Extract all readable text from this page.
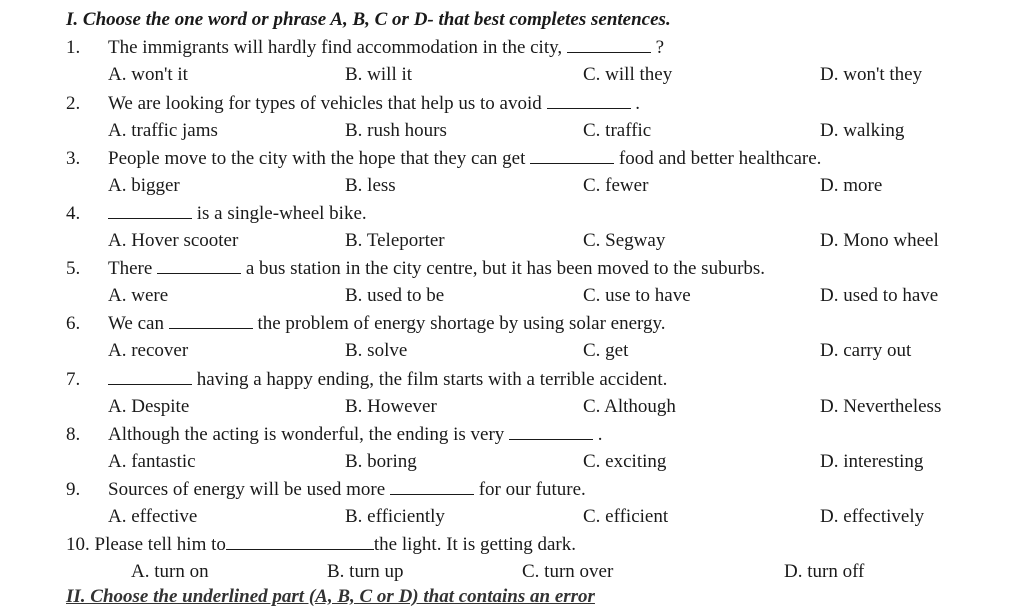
I. Choose the one word or phrase A, B, C or D- that best completes sentences.
1. The immigrants will hardly find accommodation in the city,	?
A. won't it	B. will it	C. will they	D. won't they
2. We are looking for types of vehicles that help us to avoid	.
A. traffic jams	B. rush hours	C. traffic	D. walking
3. People move to the city with the hope that they can get	food and better healthcare.
A. bigger	B. less	C. fewer	D. more
4.	is a single-wheel bike.
A. Hover scooter	B. Teleporter	C. Segway	D. Mono wheel
5. There	a bus station in the city centre, but it has been moved to the suburbs.
A. were	B. used to be	C. use to have	D. used to have
6. We can	the problem of energy shortage by using solar energy.
A. recover	B. solve	C. get	D. carry out
7.	having a happy ending, the film starts with a terrible accident.
A. Despite	B. However	C. Although	D. Nevertheless
8. Although the acting is wonderful, the ending is very	.
A. fantastic	B. boring	C. exciting	D. interesting
9. Sources of energy will be used more	for our future.
A. effective	B. efficiently	C. efficient	D. effectively
10. Please tell him to	the light. It is getting dark.
A. turn on	B. turn up	C. turn over	D. turn off
II. Choose the underlined part (A, B, C or D) that contains an error
